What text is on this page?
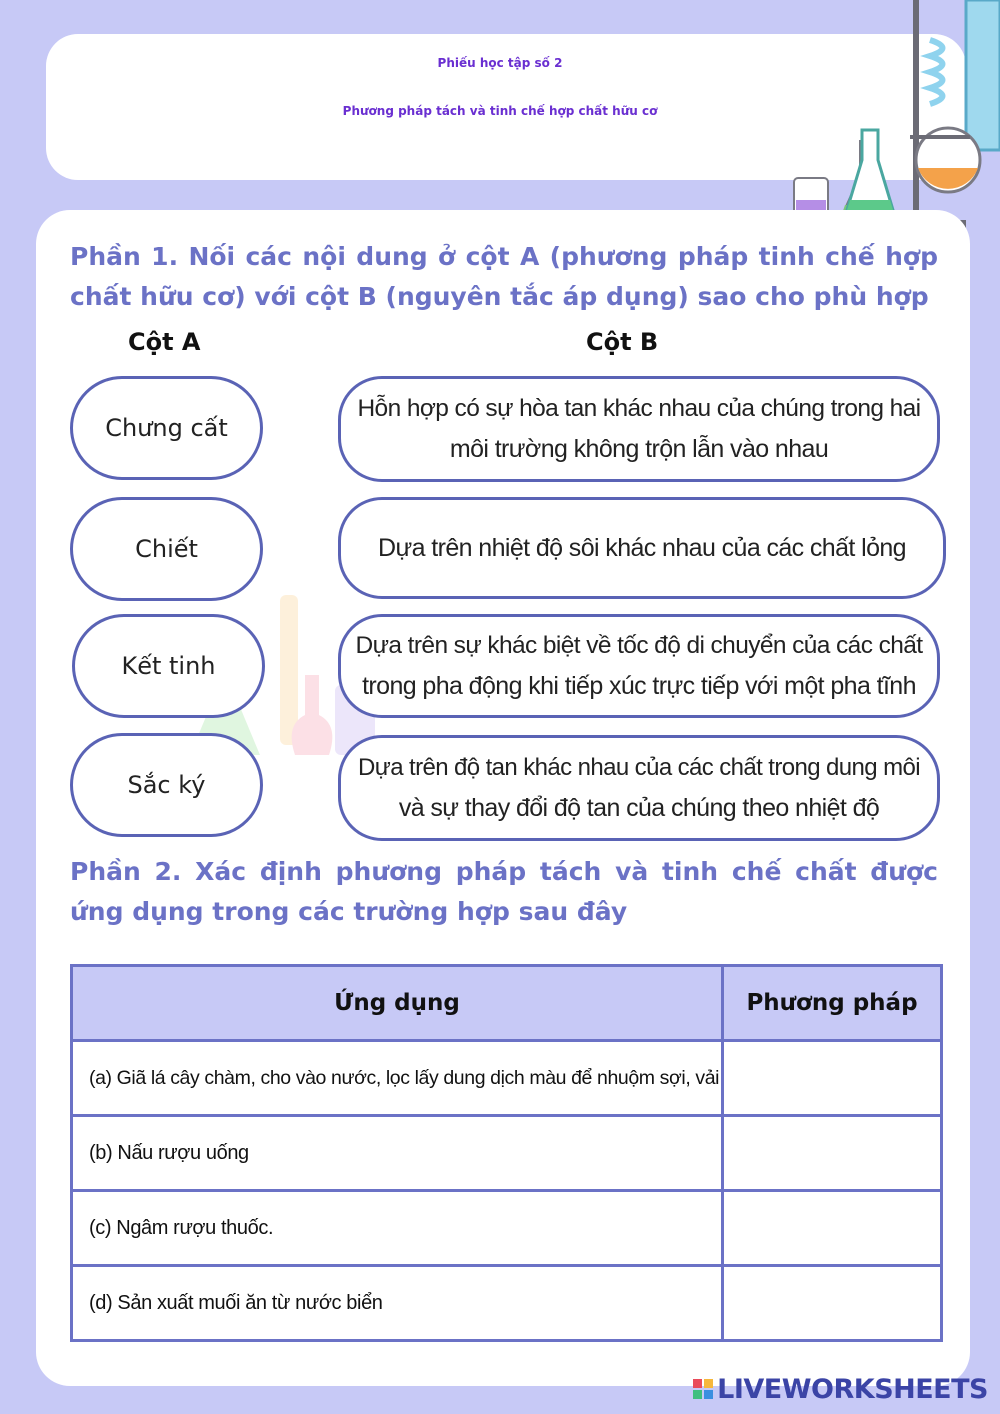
Phiếu học tập số 2
Phương pháp tách và tinh chế hợp chất hữu cơ
Phần 1. Nối các nội dung ở cột A (phương pháp tinh chế hợp chất hữu cơ) với cột B (nguyên tắc áp dụng) sao cho phù hợp
Cột A	Cột B
Chưng cất
Chiết
Kết tinh
Sắc ký
Hỗn hợp có sự hòa tan khác nhau của chúng trong hai
môi trường không trộn lẫn vào nhau
Dựa trên nhiệt độ sôi khác nhau của các chất lỏng
Dựa trên sự khác biệt về tốc độ di chuyển của các chất
trong pha động khi tiếp xúc trực tiếp với một pha tĩnh
Dựa trên độ tan khác nhau của các chất trong dung môi
và sự thay đổi độ tan của chúng theo nhiệt độ
Phần 2. Xác định phương pháp tách và tinh chế chất được ứng dụng trong các trường hợp sau đây
Ứng dụng	Phương pháp
(a) Giã lá cây chàm, cho vào nước, lọc lấy dung dịch màu để nhuộm sợi, vải	
(b) Nấu rượu uống	
(c) Ngâm rượu thuốc.	
(d) Sản xuất muối ăn từ nước biển	
LIVEWORKSHEETS
